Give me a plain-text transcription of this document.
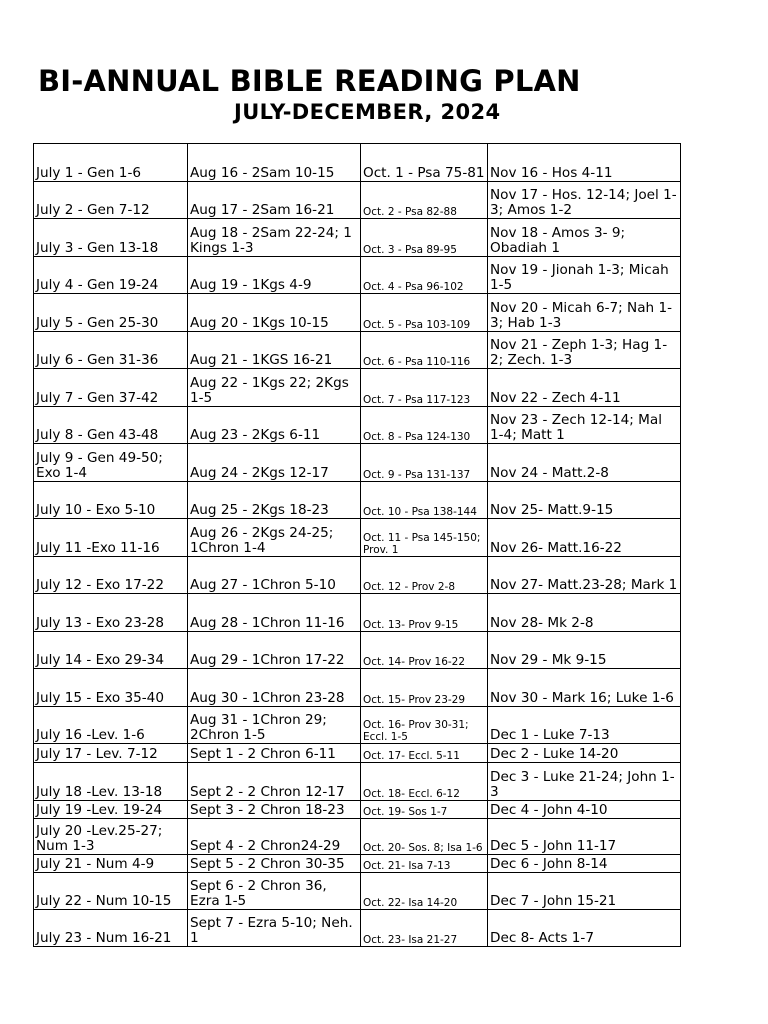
BI-ANNUAL BIBLE READING PLAN
JULY-DECEMBER, 2024
July 1 - Gen 1-6	Aug 16 - 2Sam 10-15	Oct. 1 - Psa 75-81	Nov 16 - Hos 4-11
July 2 - Gen 7-12	Aug 17 - 2Sam 16-21	Oct. 2 - Psa 82-88	Nov 17 - Hos. 12-14; Joel 1-3; Amos 1-2
July 3 - Gen 13-18	Aug 18 - 2Sam 22-24; 1 Kings 1-3	Oct. 3 - Psa 89-95	Nov 18 - Amos 3- 9; Obadiah 1
July 4 - Gen 19-24	Aug 19 - 1Kgs 4-9	Oct. 4 - Psa 96-102	Nov 19 - Jionah 1-3; Micah 1-5
July 5 - Gen 25-30	Aug 20 - 1Kgs 10-15	Oct. 5 - Psa 103-109	Nov 20 - Micah 6-7; Nah 1-3; Hab 1-3
July 6 - Gen 31-36	Aug 21 - 1KGS 16-21	Oct. 6 - Psa 110-116	Nov 21 - Zeph 1-3; Hag 1- 2; Zech. 1-3
July 7 - Gen 37-42	Aug 22 - 1Kgs 22; 2Kgs 1-5	Oct. 7 - Psa 117-123	Nov 22 - Zech 4-11
July 8 - Gen 43-48	Aug 23 - 2Kgs 6-11	Oct. 8 - Psa 124-130	Nov 23 - Zech 12-14; Mal 1-4; Matt 1
July 9 - Gen 49-50; Exo 1-4	Aug 24 - 2Kgs 12-17	Oct. 9 - Psa 131-137	Nov 24 - Matt.2-8
July 10 - Exo 5-10	Aug 25 - 2Kgs 18-23	Oct. 10 - Psa 138-144	Nov 25- Matt.9-15
July 11 -Exo 11-16	Aug 26 - 2Kgs 24-25; 1Chron 1-4	Oct. 11 - Psa 145-150; Prov. 1	Nov 26- Matt.16-22
July 12 - Exo 17-22	Aug 27 - 1Chron 5-10	Oct. 12 - Prov 2-8	Nov 27- Matt.23-28; Mark 1
July 13 - Exo 23-28	Aug 28 - 1Chron 11-16	Oct. 13- Prov 9-15	Nov 28- Mk 2-8
July 14 - Exo 29-34	Aug 29 - 1Chron 17-22	Oct. 14- Prov 16-22	Nov 29 - Mk 9-15
July 15 - Exo 35-40	Aug 30 - 1Chron 23-28	Oct. 15- Prov 23-29	Nov 30 - Mark 16; Luke 1-6
July 16 -Lev. 1-6	Aug 31 - 1Chron 29; 2Chron 1-5	Oct. 16- Prov 30-31; Eccl. 1-5	Dec 1 - Luke 7-13
July 17 - Lev. 7-12	Sept 1 - 2 Chron 6-11	Oct. 17- Eccl. 5-11	Dec 2 - Luke 14-20
July 18 -Lev. 13-18	Sept 2 - 2 Chron 12-17	Oct. 18- Eccl. 6-12	Dec 3 - Luke 21-24; John 1-3
July 19 -Lev. 19-24	Sept 3 - 2 Chron 18-23	Oct. 19- Sos 1-7	Dec 4 - John 4-10
July 20 -Lev.25-27; Num 1-3	Sept 4 - 2 Chron24-29	Oct. 20- Sos. 8; Isa 1-6	Dec 5 - John 11-17
July 21 - Num 4-9	Sept 5 - 2 Chron 30-35	Oct. 21- Isa 7-13	Dec 6 - John 8-14
July 22 - Num 10-15	Sept 6 - 2 Chron 36, Ezra 1-5	Oct. 22- Isa 14-20	Dec 7 - John 15-21
July 23 - Num 16-21	Sept 7 - Ezra 5-10; Neh. 1	Oct. 23- Isa 21-27	Dec 8- Acts 1-7
